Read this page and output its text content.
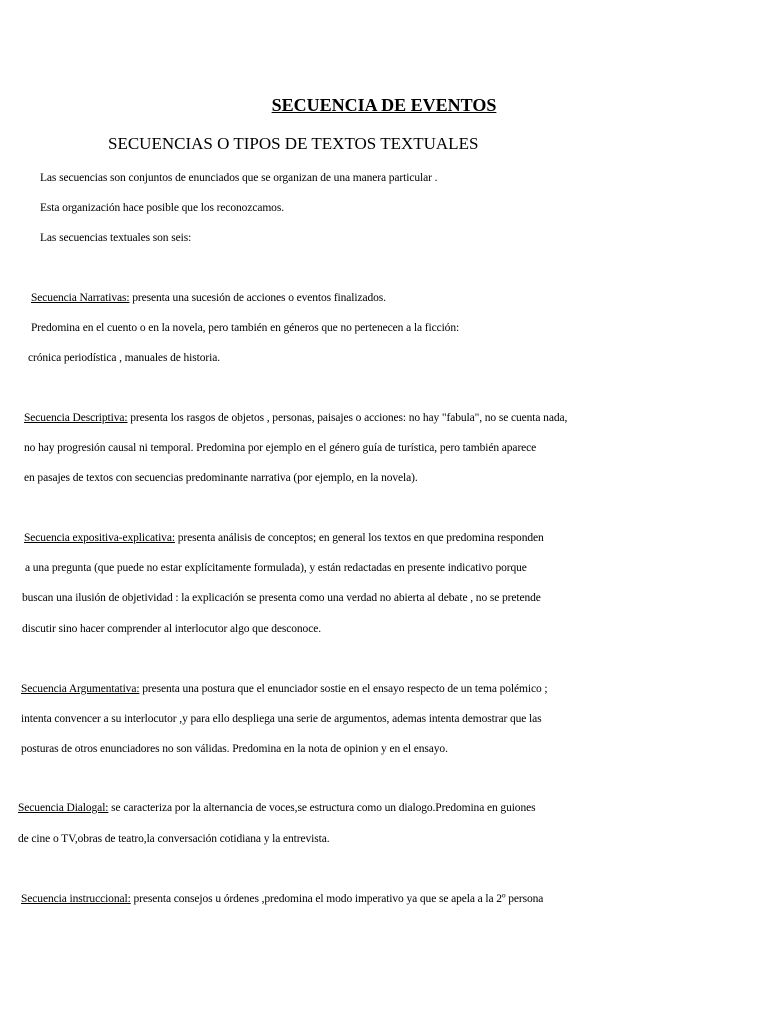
SECUENCIA DE EVENTOS
SECUENCIAS O TIPOS DE TEXTOS TEXTUALES
Las secuencias son conjuntos de enunciados que se organizan de una manera particular .
Esta organización hace posible que los reconozcamos.
Las secuencias textuales son seis:
Secuencia Narrativas: presenta una sucesión de acciones o eventos finalizados.
Predomina en el cuento o en la novela, pero también en géneros que no pertenecen a la ficción:
crónica periodística , manuales de historia.
Secuencia Descriptiva: presenta los rasgos de objetos , personas, paisajes o acciones: no hay "fabula", no se cuenta nada,
no hay progresión causal ni temporal. Predomina por ejemplo en el género guía de turística, pero también aparece
en pasajes de textos con secuencias predominante narrativa (por ejemplo, en la novela).
Secuencia expositiva-explicativa: presenta análisis de conceptos; en general los textos en que predomina responden
a una pregunta (que puede no estar explícitamente formulada), y están redactadas en presente indicativo porque
buscan una ilusión de objetividad : la explicación se presenta como una verdad no abierta al debate , no se pretende
discutir sino hacer comprender al interlocutor algo que desconoce.
Secuencia Argumentativa: presenta una postura que el enunciador sostie en el ensayo respecto de un tema polémico ;
intenta convencer a su interlocutor ,y para ello despliega una serie de argumentos, ademas intenta demostrar que las
posturas de otros enunciadores no son válidas. Predomina en la nota de opinion y en el ensayo.
Secuencia Dialogal: se caracteriza por la alternancia de voces,se estructura como un dialogo.Predomina en guiones
de cine o TV,obras de teatro,la conversación cotidiana y la entrevista.
Secuencia instruccional: presenta consejos u órdenes ,predomina el modo imperativo ya que se apela a la 2º persona
